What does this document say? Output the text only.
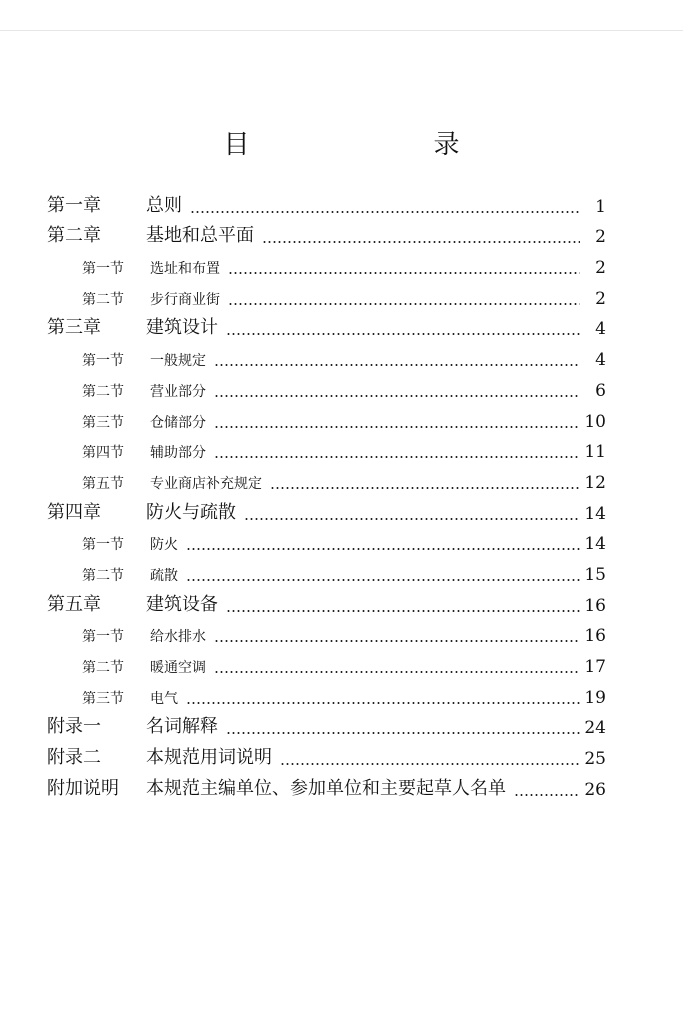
目　　录
第一章	总则	1
第二章	基地和总平面	2
第一节 选址和布置	2
第二节 步行商业街	2
第三章	建筑设计	4
第一节 一般规定	4
第二节 营业部分	6
第三节 仓储部分	10
第四节 辅助部分	11
第五节 专业商店补充规定	12
第四章	防火与疏散	14
第一节 防火	14
第二节 疏散	15
第五章	建筑设备	16
第一节 给水排水	16
第二节 暖通空调	17
第三节 电气	19
附录一	名词解释	24
附录二	本规范用词说明	25
附加说明 本规范主编单位、参加单位和主要起草人名单	26
